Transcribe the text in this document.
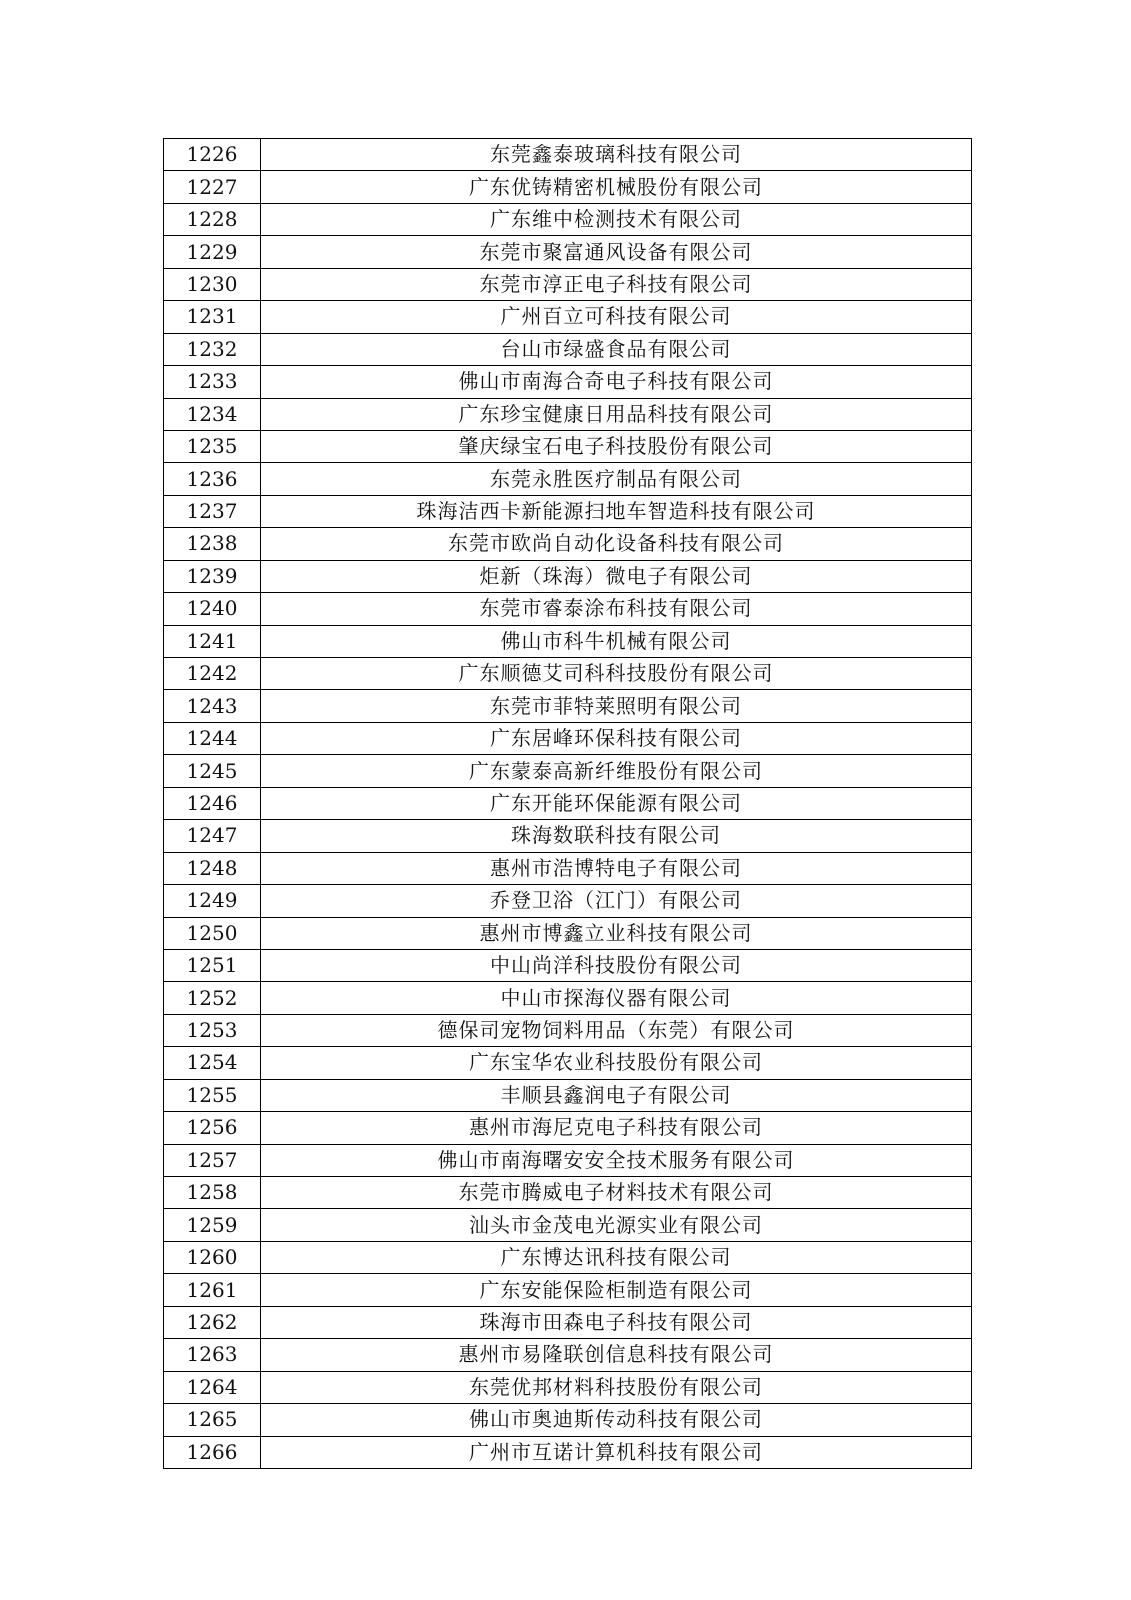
1226	东莞鑫泰玻璃科技有限公司
1227	广东优铸精密机械股份有限公司
1228	广东维中检测技术有限公司
1229	东莞市聚富通风设备有限公司
1230	东莞市淳正电子科技有限公司
1231	广州百立可科技有限公司
1232	台山市绿盛食品有限公司
1233	佛山市南海合奇电子科技有限公司
1234	广东珍宝健康日用品科技有限公司
1235	肇庆绿宝石电子科技股份有限公司
1236	东莞永胜医疗制品有限公司
1237	珠海洁西卡新能源扫地车智造科技有限公司
1238	东莞市欧尚自动化设备科技有限公司
1239	炬新（珠海）微电子有限公司
1240	东莞市睿泰涂布科技有限公司
1241	佛山市科牛机械有限公司
1242	广东顺德艾司科科技股份有限公司
1243	东莞市菲特莱照明有限公司
1244	广东居峰环保科技有限公司
1245	广东蒙泰高新纤维股份有限公司
1246	广东开能环保能源有限公司
1247	珠海数联科技有限公司
1248	惠州市浩博特电子有限公司
1249	乔登卫浴（江门）有限公司
1250	惠州市博鑫立业科技有限公司
1251	中山尚洋科技股份有限公司
1252	中山市探海仪器有限公司
1253	德保司宠物饲料用品（东莞）有限公司
1254	广东宝华农业科技股份有限公司
1255	丰顺县鑫润电子有限公司
1256	惠州市海尼克电子科技有限公司
1257	佛山市南海曙安安全技术服务有限公司
1258	东莞市腾威电子材料技术有限公司
1259	汕头市金茂电光源实业有限公司
1260	广东博达讯科技有限公司
1261	广东安能保险柜制造有限公司
1262	珠海市田森电子科技有限公司
1263	惠州市易隆联创信息科技有限公司
1264	东莞优邦材料科技股份有限公司
1265	佛山市奥迪斯传动科技有限公司
1266	广州市互诺计算机科技有限公司
